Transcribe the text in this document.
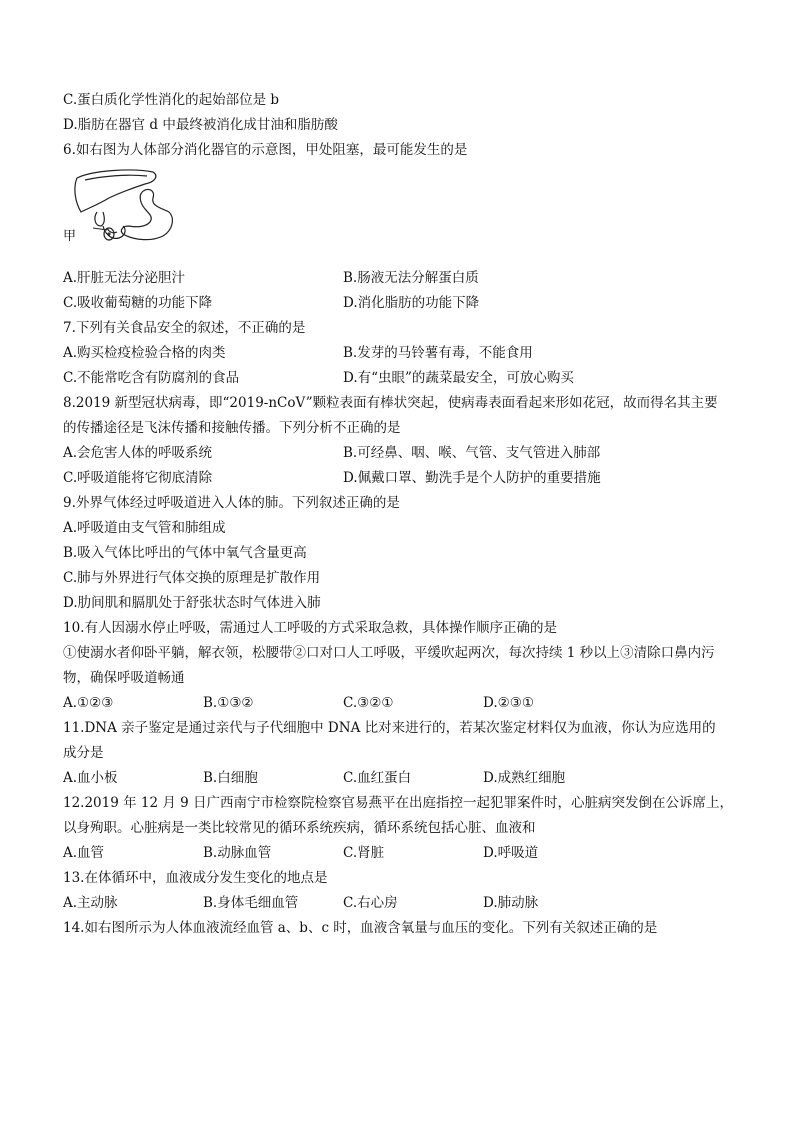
C.蛋白质化学性消化的起始部位是 b
D.脂肪在器官 d 中最终被消化成甘油和脂肪酸
6.如右图为人体部分消化器官的示意图，甲处阻塞，最可能发生的是
甲
A.肝脏无法分泌胆汁	B.肠液无法分解蛋白质
C.吸收葡萄糖的功能下降	D.消化脂肪的功能下降
7.下列有关食品安全的叙述，不正确的是
A.购买检疫检验合格的肉类	B.发芽的马铃薯有毒，不能食用
C.不能常吃含有防腐剂的食品	D.有“虫眼”的蔬菜最安全，可放心购买
8.2019 新型冠状病毒，即“2019-nCoV”颗粒表面有棒状突起，使病毒表面看起来形如花冠，故而得名其主要
的传播途径是飞沫传播和接触传播。下列分析不正确的是
A.会危害人体的呼吸系统	B.可经鼻、咽、喉、气管、支气管进入肺部
C.呼吸道能将它彻底清除	D.佩戴口罩、勤洗手是个人防护的重要措施
9.外界气体经过呼吸道进入人体的肺。下列叙述正确的是
A.呼吸道由支气管和肺组成
B.吸入气体比呼出的气体中氧气含量更高
C.肺与外界进行气体交换的原理是扩散作用
D.肋间肌和膈肌处于舒张状态时气体进入肺
10.有人因溺水停止呼吸，需通过人工呼吸的方式采取急救，具体操作顺序正确的是
①使溺水者仰卧平躺，解衣领，松腰带②口对口人工呼吸，平缓吹起两次，每次持续 1 秒以上③清除口鼻内污
物，确保呼吸道畅通
A.①②③	B.①③②	C.③②①	D.②③①
11.DNA 亲子鉴定是通过亲代与子代细胞中 DNA 比对来进行的，若某次鉴定材料仅为血液，你认为应选用的
成分是
A.血小板	B.白细胞	C.血红蛋白	D.成熟红细胞
12.2019 年 12 月 9 日广西南宁市检察院检察官易燕平在出庭指控一起犯罪案件时，心脏病突发倒在公诉席上，
以身殉职。心脏病是一类比较常见的循环系统疾病，循环系统包括心脏、血液和
A.血管	B.动脉血管	C.肾脏	D.呼吸道
13.在体循环中，血液成分发生变化的地点是
A.主动脉	B.身体毛细血管	C.右心房	D.肺动脉
14.如右图所示为人体血液流经血管 a、b、c 时，血液含氧量与血压的变化。下列有关叙述正确的是
